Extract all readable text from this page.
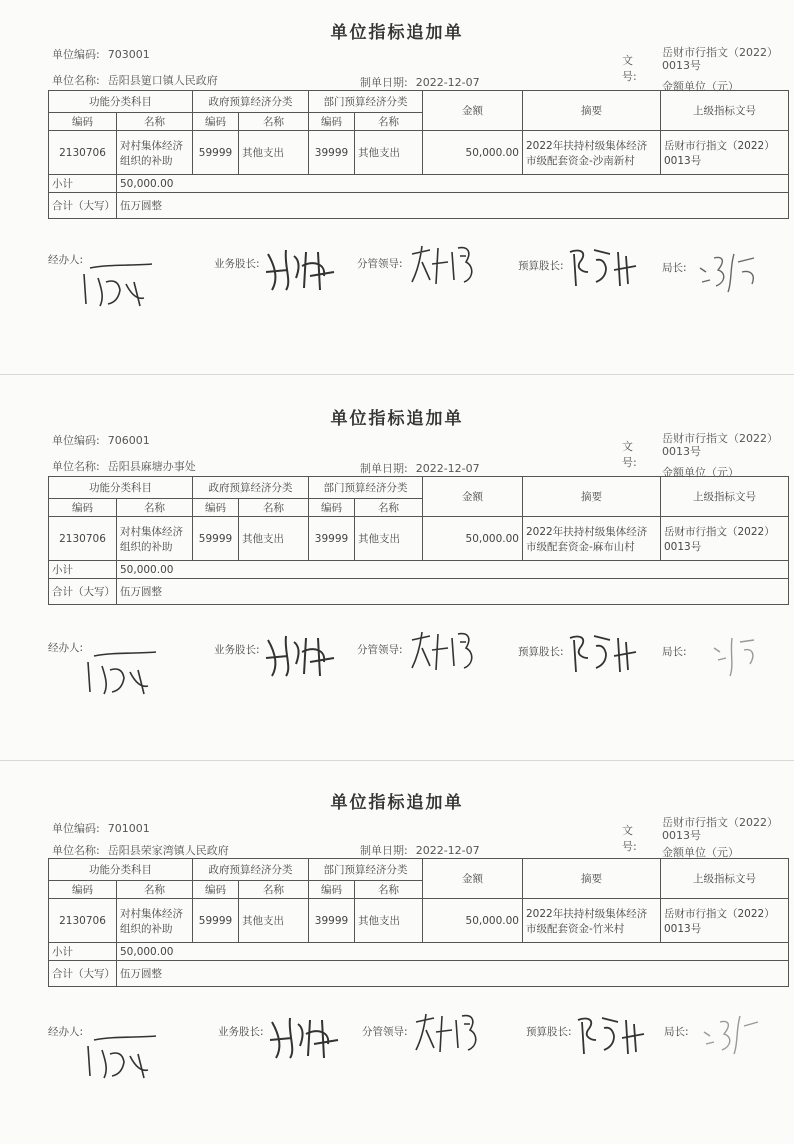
单位指标追加单
单位编码: 703001
单位名称: 岳阳县筻口镇人民政府	制单日期: 2022-12-07
文号:
岳财市行指文（2022）0013号
金额单位（元）
功能分类科目		政府预算经济分类		部门预算经济分类		金额	摘要	上级指标文号
编码	名称	编码	名称	编码	名称			
2130706	对村集体经济组织的补助	59999	其他支出	39999	其他支出	50,000.00	2022年扶持村级集体经济市级配套资金-沙南新村	岳财市行指文（2022）0013号
小计	50,000.00							
合计（大写）	伍万圆整							
经办人:	业务股长:	分管领导:	预算股长:	局长:
单位指标追加单
单位编码: 706001
单位名称: 岳阳县麻塘办事处	制单日期: 2022-12-07
文号:
岳财市行指文（2022）0013号
金额单位（元）
功能分类科目		政府预算经济分类		部门预算经济分类		金额	摘要	上级指标文号
编码	名称	编码	名称	编码	名称			
2130706	对村集体经济组织的补助	59999	其他支出	39999	其他支出	50,000.00	2022年扶持村级集体经济市级配套资金-麻布山村	岳财市行指文（2022）0013号
小计	50,000.00							
合计（大写）	伍万圆整							
经办人:	业务股长:	分管领导:	预算股长:	局长:
单位指标追加单
单位编码: 701001
单位名称: 岳阳县荣家湾镇人民政府	制单日期: 2022-12-07
文号:
岳财市行指文（2022）0013号
金额单位（元）
功能分类科目		政府预算经济分类		部门预算经济分类		金额	摘要	上级指标文号
编码	名称	编码	名称	编码	名称			
2130706	对村集体经济组织的补助	59999	其他支出	39999	其他支出	50,000.00	2022年扶持村级集体经济市级配套资金-竹米村	岳财市行指文（2022）0013号
小计	50,000.00							
合计（大写）	伍万圆整							
经办人:	业务股长:	分管领导:	预算股长:	局长:
